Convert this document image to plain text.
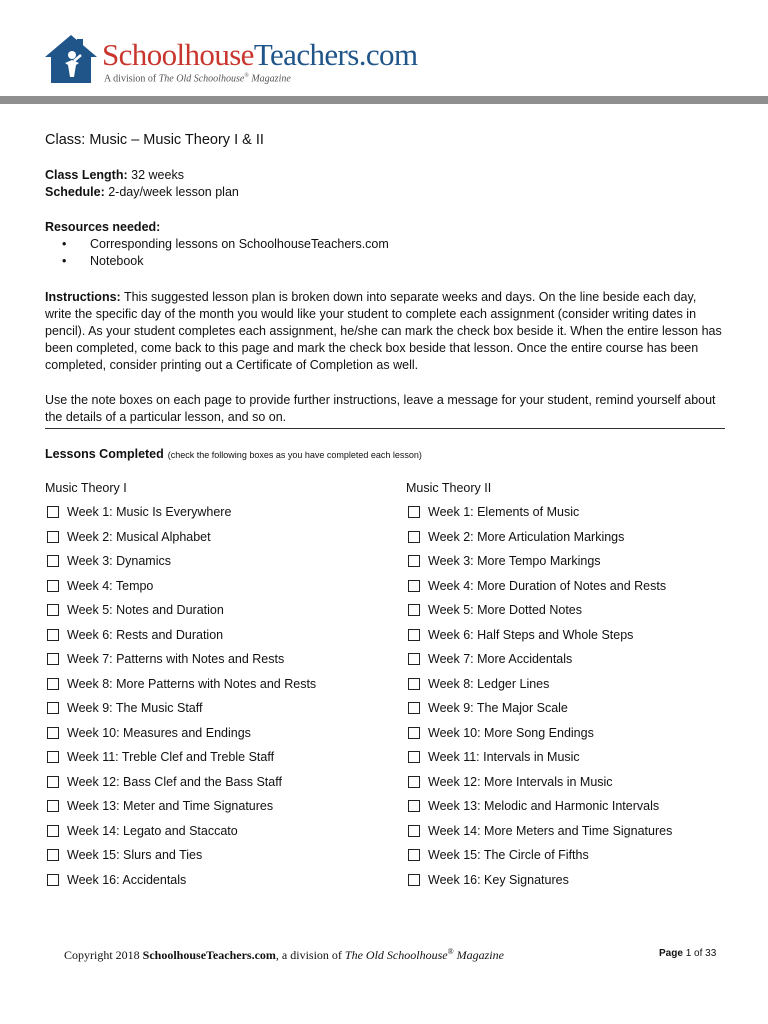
SchoolhouseTeachers.com
A division of The Old Schoolhouse® Magazine
Class: Music – Music Theory I & II
Class Length: 32 weeks
Schedule: 2-day/week lesson plan
Resources needed:
• Corresponding lessons on SchoolhouseTeachers.com
• Notebook
Instructions: This suggested lesson plan is broken down into separate weeks and days. On the line beside each day, write the specific day of the month you would like your student to complete each assignment (consider writing dates in pencil). As your student completes each assignment, he/she can mark the check box beside it. When the entire lesson has been completed, come back to this page and mark the check box beside that lesson. Once the entire course has been completed, consider printing out a Certificate of Completion as well.
Use the note boxes on each page to provide further instructions, leave a message for your student, remind yourself about the details of a particular lesson, and so on.
Lessons Completed (check the following boxes as you have completed each lesson)
Music Theory I	Music Theory II
Week 1: Music Is Everywhere
Week 2: Musical Alphabet
Week 3: Dynamics
Week 4: Tempo
Week 5: Notes and Duration
Week 6: Rests and Duration
Week 7: Patterns with Notes and Rests
Week 8: More Patterns with Notes and Rests
Week 9: The Music Staff
Week 10: Measures and Endings
Week 11: Treble Clef and Treble Staff
Week 12: Bass Clef and the Bass Staff
Week 13: Meter and Time Signatures
Week 14: Legato and Staccato
Week 15: Slurs and Ties
Week 16: Accidentals
Week 1: Elements of Music
Week 2: More Articulation Markings
Week 3: More Tempo Markings
Week 4: More Duration of Notes and Rests
Week 5: More Dotted Notes
Week 6: Half Steps and Whole Steps
Week 7: More Accidentals
Week 8: Ledger Lines
Week 9: The Major Scale
Week 10: More Song Endings
Week 11: Intervals in Music
Week 12: More Intervals in Music
Week 13: Melodic and Harmonic Intervals
Week 14: More Meters and Time Signatures
Week 15: The Circle of Fifths
Week 16: Key Signatures
Copyright 2018 SchoolhouseTeachers.com, a division of The Old Schoolhouse® Magazine	Page 1 of 33
